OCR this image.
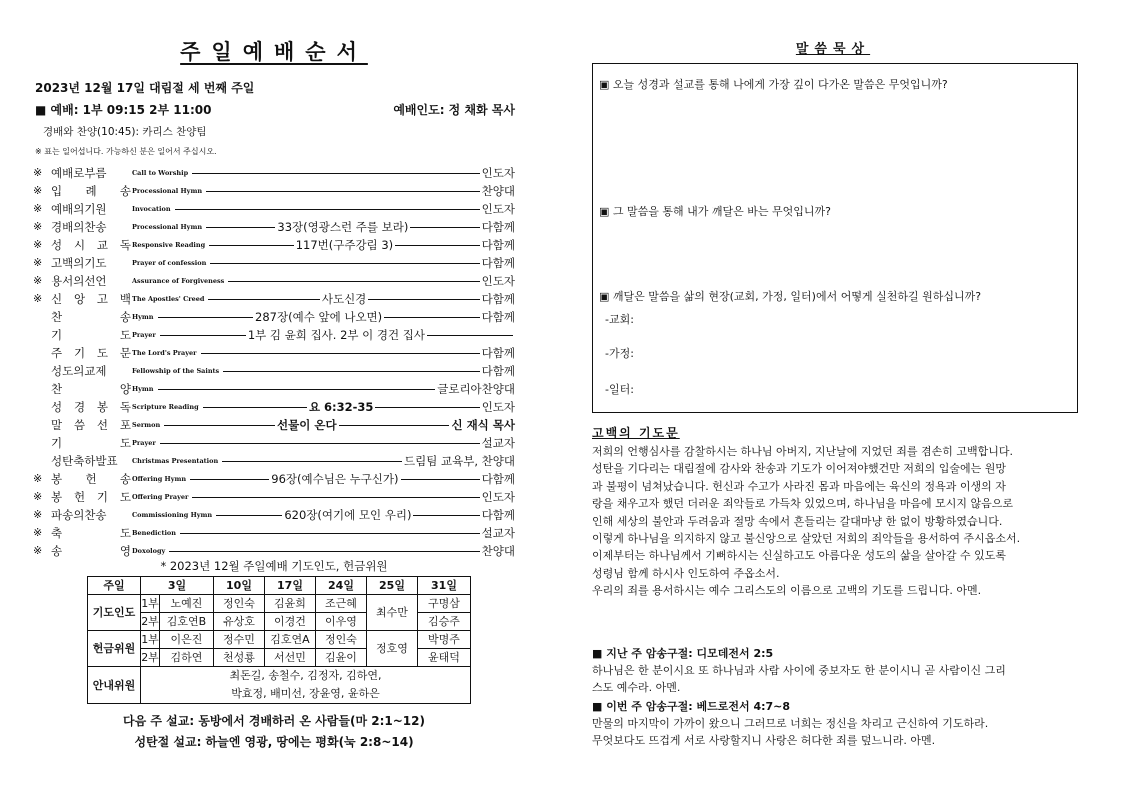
주일예배순서
2023년 12월 17일 대림절 세 번째 주일
■ 예배: 1부 09:15 2부 11:00	예배인도: 정 채화 목사
경배와 찬양(10:45): 카리스 찬양팀
※ 표는 일어섭니다. 가능하신 분은 일어서 주십시오.
※ 예배로부름	Call to Worship	인도자
※ 입 례 송 Processional Hymn	찬양대
※ 예배의기원	Invocation	인도자
※ 경배의찬송	Processional Hymn	33장(영광스런 주를 보라)	다함께
※ 성 시 교 독 Responsive Reading	117번(구주강림 3)	다함께
※ 고백의기도	Prayer of confession	다함께
※ 용서의선언	Assurance of Forgiveness	인도자
※ 신 앙 고 백 The Apostles' Creed	사도신경	다함께
찬	송 Hymn	287장(예수 앞에 나오면)	다함께
기	도 Prayer	1부 김 윤희 집사. 2부 이 경건 집사
주 기 도 문 The Lord's Prayer	다함께
성도의교제	Fellowship of the Saints	다함께
찬	양 Hymn	글로리아찬양대
성 경 봉 독 Scripture Reading	요 6:32-35	인도자
말 씀 선 포 Sermon	선물이 온다	신 재식 목사
기	도 Prayer	설교자
성탄축하발표	Christmas Presentation	드림팀 교육부, 찬양대
※ 봉 헌 송 Offering Hymn	96장(예수님은 누구신가)	다함께
※ 봉 헌 기 도 Offering Prayer	인도자
※ 파송의찬송	Commissioning Hymn	620장(여기에 모인 우리)	다함께
※ 축	도 Benediction	설교자
※ 송	영 Doxology	찬양대
* 2023년 12월 주일예배 기도인도, 헌금위원
주일	3일		10일	17일	24일	25일	31일
기도인도	1부	노예진	정인숙	김윤희	조근혜	최수만	구명삼
	2부	김호연B	유상호	이경건	이우영		김승주
헌금위원	1부	이은진	정수민	김호연A	정인숙	정호영	박명주
	2부	김하연	천성룡	서선민	김윤이		윤태덕
안내위원	최돈길, 송철수, 김정자, 김하연,
박효정, 배미선, 장윤영, 윤하은						
다음 주 설교: 동방에서 경배하러 온 사람들(마 2:1~12)
성탄절 설교: 하늘엔 영광, 땅에는 평화(눅 2:8~14)
말씀묵상
▣ 오늘 성경과 설교를 통해 나에게 가장 깊이 다가온 말씀은 무엇입니까?
▣ 그 말씀을 통해 내가 깨달은 바는 무엇입니까?
▣ 깨달은 말씀을 삶의 현장(교회, 가정, 일터)에서 어떻게 실천하길 원하십니까?
-교회:
-가정:
-일터:
고백의 기도문

저희의 언행심사를 감찰하시는 하나님 아버지, 지난날에 지었던 죄를 겸손히 고백합니다.

성탄을 기다리는 대림절에 감사와 찬송과 기도가 이어져야했건만 저희의 입술에는 원망

과 불평이 넘쳐났습니다. 헌신과 수고가 사라진 몸과 마음에는 육신의 정욕과 이생의 자

랑을 채우고자 했던 더러운 죄악들로 가득차 있었으며, 하나님을 마음에 모시지 않음으로

인해 세상의 불안과 두려움과 절망 속에서 흔들리는 갈대마냥 한 없이 방황하였습니다.

이렇게 하나님을 의지하지 않고 불신앙으로 살았던 저희의 죄악들을 용서하여 주시옵소서.

이제부터는 하나님께서 기뻐하시는 신실하고도 아름다운 성도의 삶을 살아갈 수 있도록

성령님 함께 하시사 인도하여 주옵소서.

우리의 죄를 용서하시는 예수 그리스도의 이름으로 고백의 기도를 드립니다. 아멘.

■ 지난 주 암송구절: 디모데전서 2:5
하나님은 한 분이시요 또 하나님과 사람 사이에 중보자도 한 분이시니 곧 사람이신 그리
스도 예수라. 아멘.
■ 이번 주 암송구절: 베드로전서 4:7~8
만물의 마지막이 가까이 왔으니 그러므로 너희는 정신을 차리고 근신하여 기도하라.
무엇보다도 뜨겁게 서로 사랑할지니 사랑은 허다한 죄를 덮느니라. 아멘.
